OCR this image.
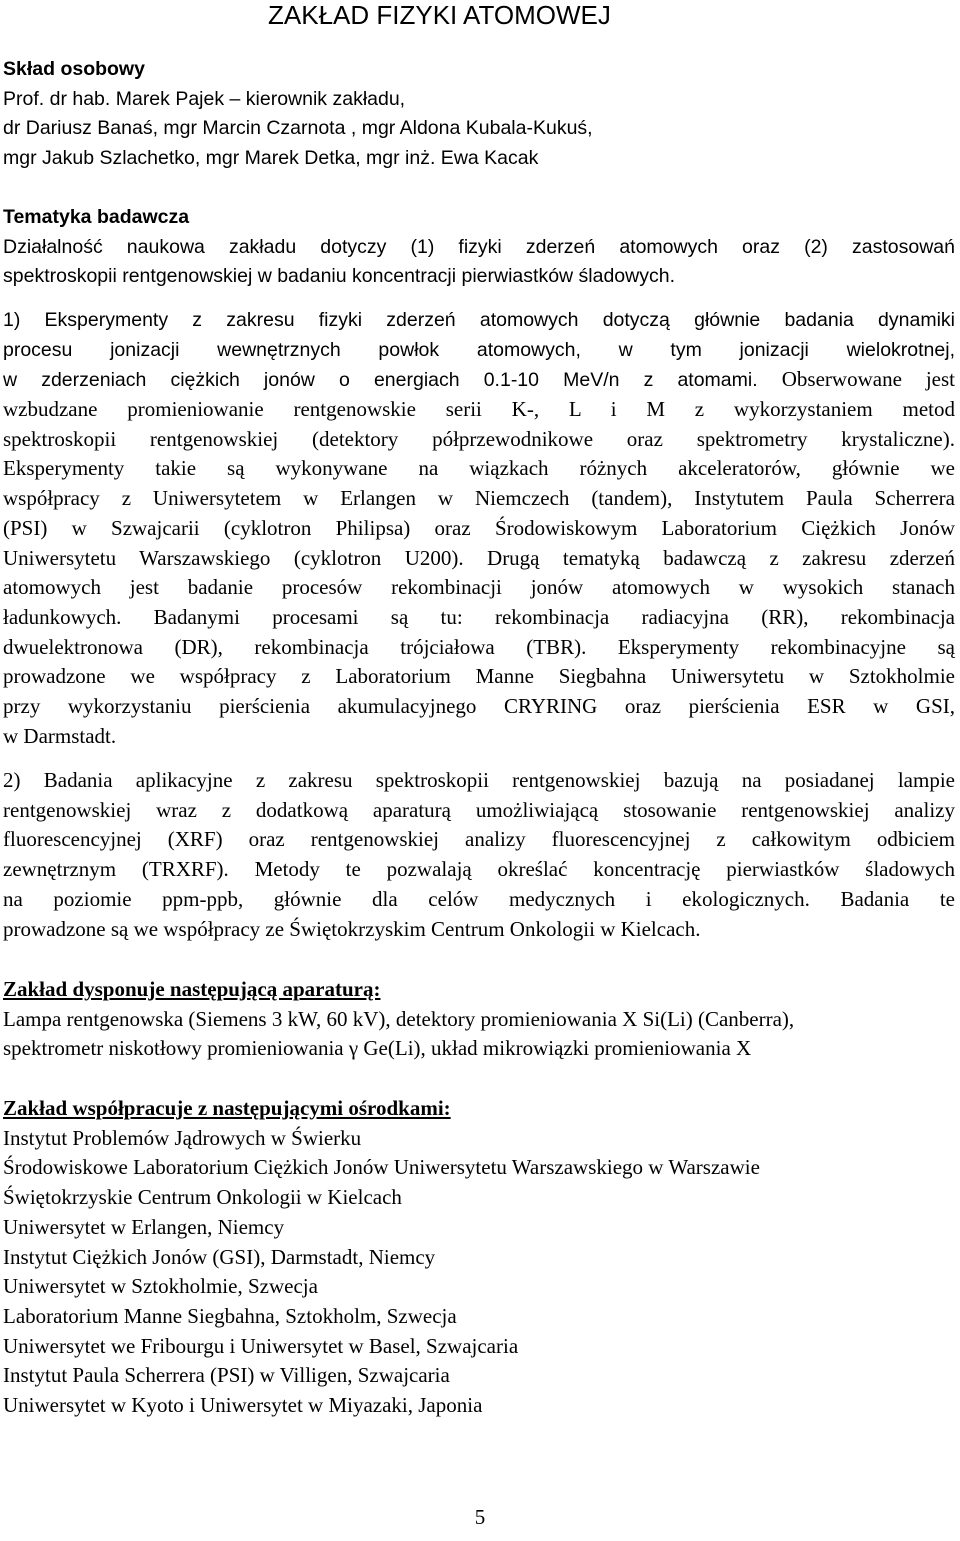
ZAKŁAD FIZYKI ATOMOWEJ
Skład osobowy
Prof. dr hab. Marek Pajek – kierownik zakładu,
dr Dariusz Banaś, mgr Marcin Czarnota , mgr Aldona Kubala-Kukuś,
mgr Jakub Szlachetko, mgr Marek Detka, mgr inż. Ewa Kacak
Tematyka badawcza
Działalność naukowa zakładu dotyczy (1) fizyki zderzeń atomowych oraz (2) zastosowań
spektroskopii rentgenowskiej w badaniu koncentracji pierwiastków śladowych.
1) Eksperymenty z zakresu fizyki zderzeń atomowych dotyczą głównie badania dynamiki
procesu jonizacji wewnętrznych powłok atomowych, w tym jonizacji wielokrotnej,
w zderzeniach ciężkich jonów o energiach 0.1-10 MeV/n z atomami. Obserwowane jest
wzbudzane promieniowanie rentgenowskie serii K-, L i M z wykorzystaniem metod
spektroskopii rentgenowskiej (detektory półprzewodnikowe oraz spektrometry krystaliczne).
Eksperymenty takie są wykonywane na wiązkach różnych akceleratorów, głównie we
współpracy z Uniwersytetem w Erlangen w Niemczech (tandem), Instytutem Paula Scherrera
(PSI) w Szwajcarii (cyklotron Philipsa) oraz Środowiskowym Laboratorium Ciężkich Jonów
Uniwersytetu Warszawskiego (cyklotron U200). Drugą tematyką badawczą z zakresu zderzeń
atomowych jest badanie procesów rekombinacji jonów atomowych w wysokich stanach
ładunkowych. Badanymi procesami są tu: rekombinacja radiacyjna (RR), rekombinacja
dwuelektronowa (DR), rekombinacja trójciałowa (TBR). Eksperymenty rekombinacyjne są
prowadzone we współpracy z Laboratorium Manne Siegbahna Uniwersytetu w Sztokholmie
przy wykorzystaniu pierścienia akumulacyjnego CRYRING oraz pierścienia ESR w GSI,
w Darmstadt.
2) Badania aplikacyjne z zakresu spektroskopii rentgenowskiej bazują na posiadanej lampie
rentgenowskiej wraz z dodatkową aparaturą umożliwiającą stosowanie rentgenowskiej analizy
fluorescencyjnej (XRF) oraz rentgenowskiej analizy fluorescencyjnej z całkowitym odbiciem
zewnętrznym (TRXRF). Metody te pozwalają określać koncentrację pierwiastków śladowych
na poziomie ppm-ppb, głównie dla celów medycznych i ekologicznych. Badania te
prowadzone są we współpracy ze Świętokrzyskim Centrum Onkologii w Kielcach.
Zakład dysponuje następującą aparaturą:
Lampa rentgenowska (Siemens 3 kW, 60 kV), detektory promieniowania X Si(Li) (Canberra),
spektrometr niskotłowy promieniowania γ Ge(Li), układ mikrowiązki promieniowania X
Zakład współpracuje z następującymi ośrodkami:
Instytut Problemów Jądrowych w Świerku
Środowiskowe Laboratorium Ciężkich Jonów Uniwersytetu Warszawskiego w Warszawie
Świętokrzyskie Centrum Onkologii w Kielcach
Uniwersytet w Erlangen, Niemcy
Instytut Ciężkich Jonów (GSI), Darmstadt, Niemcy
Uniwersytet w Sztokholmie, Szwecja
Laboratorium Manne Siegbahna, Sztokholm, Szwecja
Uniwersytet we Fribourgu i Uniwersytet w Basel, Szwajcaria
Instytut Paula Scherrera (PSI) w Villigen, Szwajcaria
Uniwersytet w Kyoto i Uniwersytet w Miyazaki, Japonia
5
